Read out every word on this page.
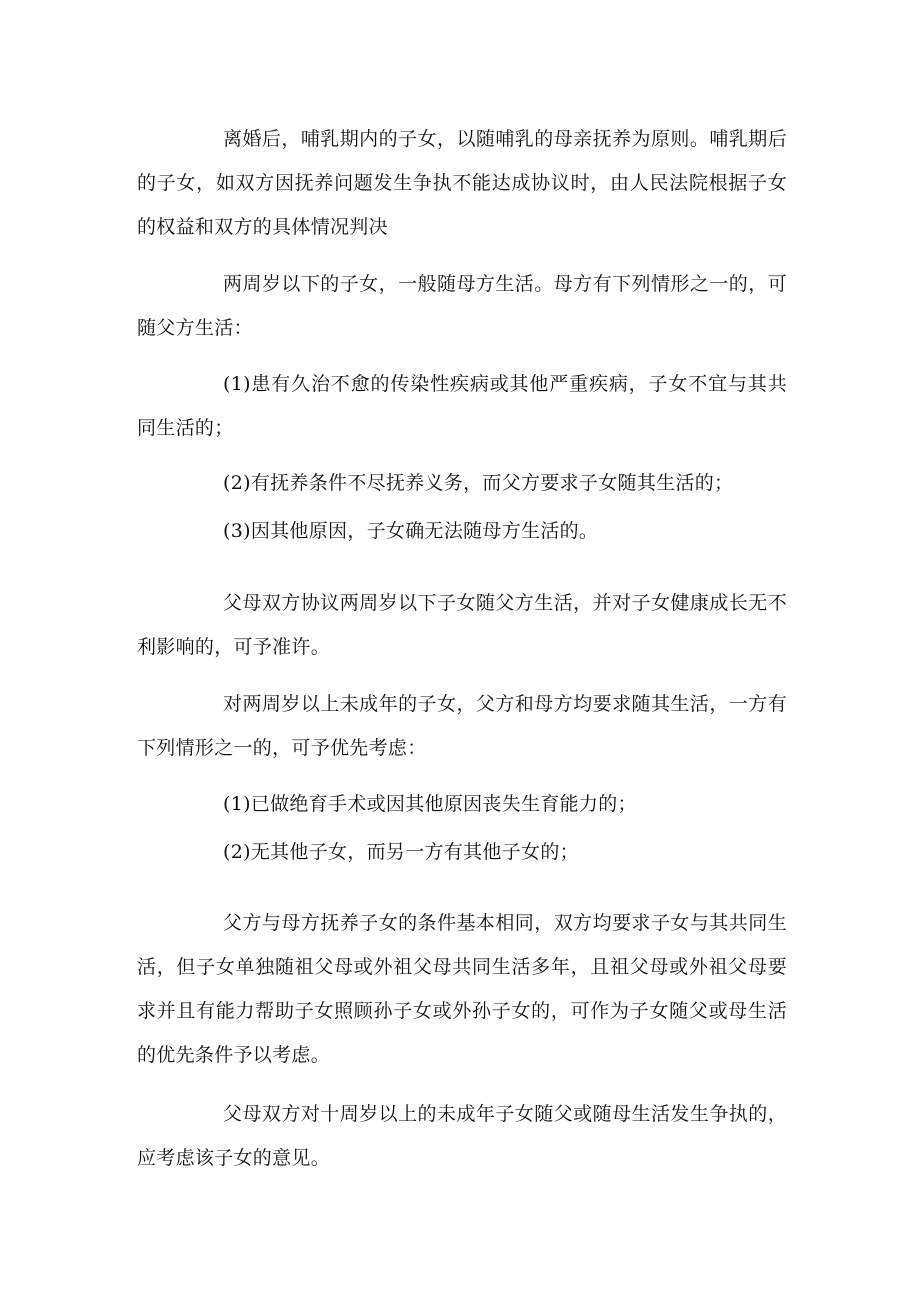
离婚后，哺乳期内的子女，以随哺乳的母亲抚养为原则。哺乳期后的子女，如双方因抚养问题发生争执不能达成协议时，由人民法院根据子女的权益和双方的具体情况判决

两周岁以下的子女，一般随母方生活。母方有下列情形之一的，可随父方生活：

(1)患有久治不愈的传染性疾病或其他严重疾病，子女不宜与其共同生活的；

(2)有抚养条件不尽抚养义务，而父方要求子女随其生活的；

(3)因其他原因，子女确无法随母方生活的。

父母双方协议两周岁以下子女随父方生活，并对子女健康成长无不利影响的，可予准许。

对两周岁以上未成年的子女，父方和母方均要求随其生活，一方有下列情形之一的，可予优先考虑：

(1)已做绝育手术或因其他原因丧失生育能力的；

(2)无其他子女，而另一方有其他子女的；

父方与母方抚养子女的条件基本相同，双方均要求子女与其共同生活，但子女单独随祖父母或外祖父母共同生活多年，且祖父母或外祖父母要求并且有能力帮助子女照顾孙子女或外孙子女的，可作为子女随父或母生活的优先条件予以考虑。

父母双方对十周岁以上的未成年子女随父或随母生活发生争执的，应考虑该子女的意见。
